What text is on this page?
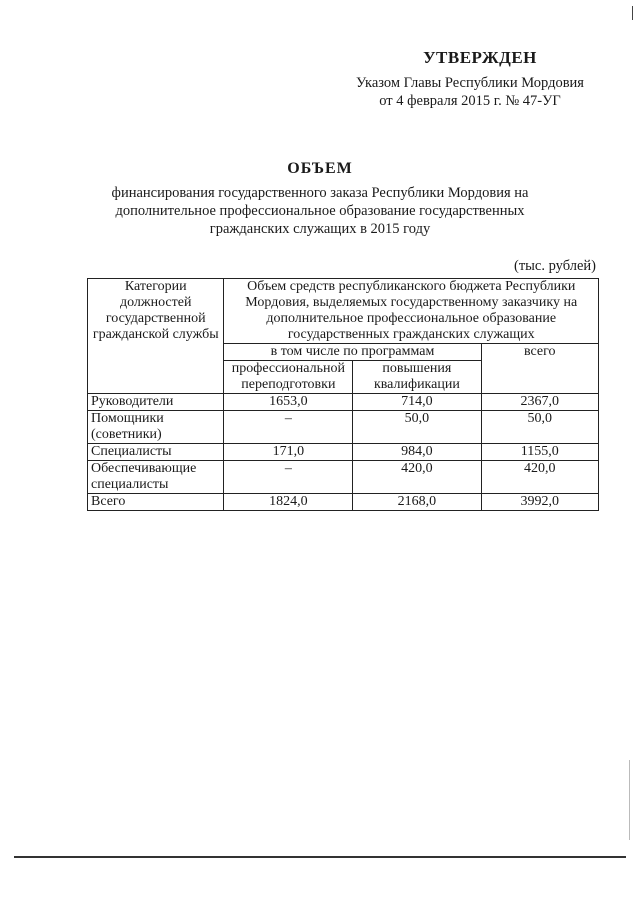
УТВЕРЖДЕН
Указом Главы Республики Мордовия
от 4 февраля 2015 г. № 47-УГ
ОБЪЕМ
финансирования государственного заказа Республики Мордовия на
дополнительное профессиональное образование государственных
гражданских служащих в 2015 году
(тыс. рублей)
Категории должностей государственной гражданской службы	Объем средств республиканского бюджета Республики Мордовия, выделяемых государственному заказчику на дополнительное профессиональное образование государственных гражданских служащих		
	в том числе по программам		всего
	профессиональной переподготовки	повышения квалификации	
Руководители	1653,0	714,0	2367,0
Помощники (советники)	–	50,0	50,0
Специалисты	171,0	984,0	1155,0
Обеспечивающие специалисты	–	420,0	420,0
Всего	1824,0	2168,0	3992,0
